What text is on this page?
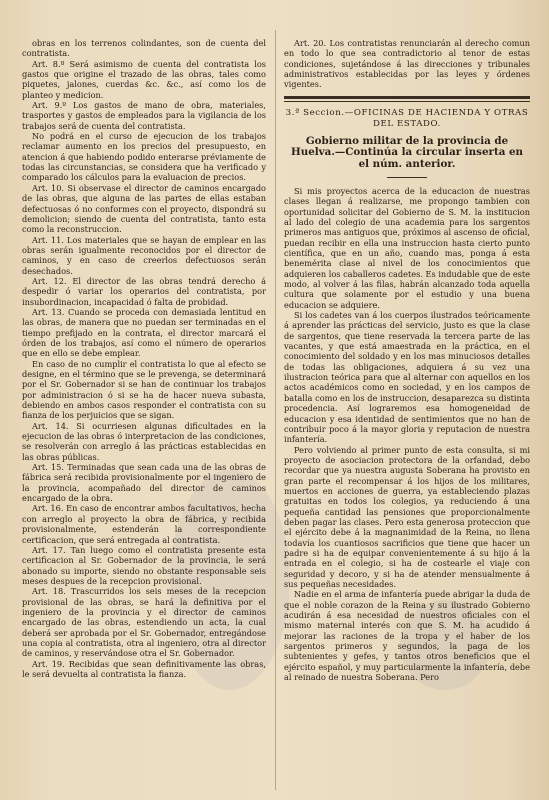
obras en los terrenos colindantes, son de cuenta del contratista.

Art. 8.º Será asimismo de cuenta del contratista los gastos que origine el trazado de las obras, tales como piquetes, jalones, cuerdas &c. &c., así como los de planteo y medicion.

Art. 9.º Los gastos de mano de obra, materiales, trasportes y gastos de empleados para la vigilancia de los trabajos será de cuenta del contratista.

No podrá en el curso de ejecucion de los trabajos reclamar aumento en los precios del presupuesto, en atencion á que habiendo podido enterarse préviamente de todas las circunstancias, se considera que ha verificado y comparado los cálculos para la evaluacion de precios.

Art. 10. Si observase el director de caminos encargado de las obras, que alguna de las partes de ellas estaban defectuosas ó no conformes con el proyecto, dispondrá su demolicion; siendo de cuenta del contratista, tanto esta como la reconstruccion.

Art. 11. Los materiales que se hayan de emplear en las obras serán igualmente reconocidos por el director de caminos, y en caso de creerlos defectuosos serán desechados.

Art. 12. El director de las obras tendrá derecho á despedir ó variar los operarios del contratista, por insubordinacion, incapacidad ó falta de probidad.

Art. 13. Cuando se proceda con demasiada lentitud en las obras, de manera que no puedan ser terminadas en el tiempo prefijado en la contrata, el director marcará el órden de los trabajos, así como el número de operarios que en ello se debe emplear.

En caso de no cumplir el contratista lo que al efecto se designe, en el término que se le prevenga, se determinará por el Sr. Gobernador si se han de continuar los trabajos por administracion ó si se ha de hacer nueva subasta, debiendo en ambos casos responder el contratista con su fianza de los perjuicios que se sigan.

Art. 14. Si ocurriesen algunas dificultades en la ejecucion de las obras ó interpretacion de las condiciones, se resolverán con arreglo á las prácticas establecidas en las obras públicas.

Art. 15. Terminadas que sean cada una de las obras de fábrica será recibida provisionalmente por el ingeniero de la provincia, acompañado del director de caminos encargado de la obra.

Art. 16. En caso de encontrar ambos facultativos, hecha con arreglo al proyecto la obra de fábrica, y recibida provisionalmente, estenderán la correspondiente certificacion, que será entregada al contratista.

Art. 17. Tan luego como el contratista presente esta certificacion al Sr. Gobernador de la provincia, le será abonado su importe, siendo no obstante responsable seis meses despues de la recepcion provisional.

Art. 18. Trascurridos los seis meses de la recepcion provisional de las obras, se hará la definitiva por el ingeniero de la provincia y el director de caminos encargado de las obras, estendiendo un acta, la cual deberá ser aprobada por el Sr. Gobernador, entregándose una copia al contratista, otra al ingeniero, otra al director de caminos, y reservándose otra el Sr. Gobernador.

Art. 19. Recibidas que sean definitivamente las obras, le será devuelta al contratista la fianza.

Art. 20. Los contratistas renunciarán al derecho comun en todo lo que sea contradictorio al tenor de estas condiciones, sujetándose á las direcciones y tribunales administrativos establecidas por las leyes y órdenes vigentes.

3.ª Seccion.—OFICINAS DE HACIENDA Y OTRAS DEL ESTADO.
Gobierno militar de la provincia de Huelva.—Continúa la circular inserta en el núm. anterior.

Si mis proyectos acerca de la educacion de nuestras clases llegan á realizarse, me propongo tambien con oportunidad solicitar del Gobierno de S. M. la institucion al lado del colegio de una academia para los sargentos primeros mas antiguos que, próximos al ascenso de oficial, puedan recibir en ella una instruccion hasta cierto punto científica, que en un año, cuando mas, ponga á esta benemérita clase al nivel de los conocimientos que adquieren los caballeros cadetes. Es indudable que de este modo, al volver á las filas, habrán alcanzado toda aquella cultura que solamente por el estudio y una buena educacion se adquiere.

Si los cadetes van á los cuerpos ilustrados teóricamente á aprender las prácticas del servicio, justo es que la clase de sargentos, que tiene reservada la tercera parte de las vacantes, y que está amaestrada en la práctica, en el conocimiento del soldado y en los mas minuciosos detalles de todas las obligaciones, adquiera á su vez una ilustracion teórica para que al alternar con aquellos en los actos académicos como en sociedad, y en los campos de batalla como en los de instruccion, desaparezca su distinta procedencia. Así lograremos esa homogeneidad de educacion y esa identidad de sentimientos que no han de contribuir poco á la mayor gloria y reputacion de nuestra infantería.

Pero volviendo al primer punto de esta consulta, si mi proyecto de asociacion protectora de la orfandad, debo recordar que ya nuestra augusta Soberana ha provisto en gran parte el recompensar á los hijos de los militares, muertos en acciones de guerra, ya estableciendo plazas gratuitas en todos los colegios, ya reduciendo á una pequeña cantidad las pensiones que proporcionalmente deben pagar las clases. Pero esta generosa proteccion que el ejército debe á la magnanimidad de la Reina, no llena todavía los cuantiosos sacrificios que tiene que hacer un padre si ha de equipar convenientemente á su hijo á la entrada en el colegio, si ha de costearle el viaje con seguridad y decoro, y si ha de atender mensualmente á sus pequeñas necesidades.

Nadie en el arma de infantería puede abrigar la duda de que el noble corazon de la Reina y su ilustrado Gobierno acudirán á esa necesidad de nuestros oficiales con el mismo maternal interés con que S. M. ha acudido á mejorar las raciones de la tropa y el haber de los sargentos primeros y segundos, la paga de los subtenientes y gefes, y tantos otros beneficios que el ejército español, y muy particularmente la infantería, debe al reinado de nuestra Soberana. Pero
